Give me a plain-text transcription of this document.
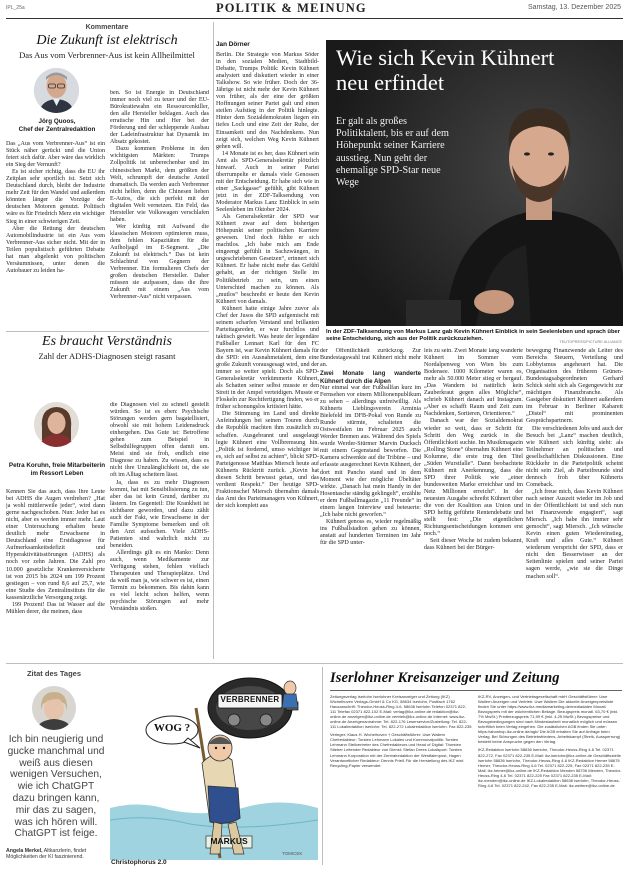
IPL_25a	POLITIK & MEINUNG	Samstag, 13. Dezember 2025
Kommentare
Die Zukunft ist elektrisch
Das Aus vom Verbrenner-Aus ist kein Allheilmittel
Jörg Quoos,
Chef der Zentralredaktion

Das „Aus vom Verbrenner-Aus“ ist ein Stück näher gerückt und die Union feiert sich dafür. Aber wäre das wirklich ein Sieg der Vernunft?

Es ist sicher richtig, dass die EU ihr Zeitplan sehr sportlich ist. Setzt sich Deutschland durch, bleibt der Industrie mehr Zeit für den Wandel und außerdem könnten länger die Vorzüge der deutschen Motoren genutzt. Politisch wäre es für Friedrich Merz ein wichtiger Sieg in einer schwierigen Zeit.

Aber die Rettung der deutschen Automobilindustrie ist ein Aus vom Verbrenner-Aus sicher nicht. Mit der in Teilen populistisch geführten Debatte hat man abgelenkt von politischen Versäumnissen, unter denen die Autobauer zu leiden ha-

ben. So ist Energie in Deutschland immer noch viel zu teuer und der EU-Bürokratiewahn ein Ressourcenkiller, den alle Hersteller beklagen. Auch das erratische Hin und Her bei der Förderung und der schleppende Ausbau der Ladeinfrastruktur hat Dynamik im Absatz gekostet.

Dazu kommen Probleme in den wichtigsten Märkten: Trumps Zollpolitik ist unberechenbar und im chinesischen Markt, dem größten der Welt, schrumpft der deutsche Anteil dramatisch. Da werden auch Verbrenner nicht helfen, denn die Chinesen lieben E-Autos, die sich perfekt mit der digitalen Welt vernetzen. Ein Feld, das Hersteller wie Volkswagen verschlafen haben.

Wer künftig mit Aufwand die klassischen Motoren optimieren muss, dem fehlen Kapazitäten für die Aufholjagd im E-Segment. „Die Zukunft ist elektrisch.“ Das ist kein Schlachtruf von Gegnern der Verbrenner. Ein formulieren Chefs der großen deutschen Hersteller. Daher müssen sie aufpassen, dass die ihre Zukunft mit einem „Aus vom Verbrenner-Aus“ nicht verpassen.

Es braucht Verständnis
Zahl der ADHS-Diagnosen steigt rasant
Petra Koruhn, freie Mitarbeiterin
im Ressort Leben

Kennen Sie das auch, dass Ihre Leute bei ADHS die Augen verdrehen? „Hat ja wohl mittlerweile jeder“, wird dann gerne nachgeschoben. Nun: Jeder hat es nicht, aber es werden immer mehr. Laut einer Untersuchung erhalten heute deutlich mehr Erwachsene in Deutschland eine Erstdiagnose für Aufmerksamkeitsdefizit und Hyperaktivitätsstörungen (ADHS) als noch vor zehn Jahren. Die Zahl pro 10.000 gesetzliche Krankenversicherte ist von 2015 bis 2024 um 199 Prozent gestiegen – von rund 8,6 auf 25,7, wie eine Studie des Zentralinstituts für die kassenärztliche Versorgung zeigt.

199 Prozent! Das ist Wasser auf die Mühlen derer, die meinen, dass

die Diagnosen viel zu schnell gestellt würden. So ist es eben: Psychische Störungen werden gern bagatellisiert, obwohl sie mit hohem Leidensdruck einhergehen. Das Gute ist: Betroffene gehen zum Beispiel in Selbsthilfegruppen offen damit um. Meist sind sie froh, endlich eine Diagnose zu haben. Zu wissen, dass es nicht ihre Unzulänglichkeit ist, die sie oft im Alltag scheitern lässt.

Ja, dass es zu mehr Diagnosen kommt, hat mit Sensibilisierung zu tun, aber das ist kein Grund, darüber zu lästern. Im Gegenteil: Die Krankheit ist sichtbarer geworden, und dazu zählt auch der Fakt, wie Erwachsene in der Familie Symptome bemerken und oft den Arzt aufsuchen. Viele ADHS-Patienten sind wahrlich nicht zu beneiden.

Allerdings gilt es ein Manko: Denn auch, wenn Medikamente zur Verfügung stehen, fehlen vielfach Therapeuten und Therapieplätze. Und da weiß man ja, wie schwer es ist, einen Termin zu bekommen. Bis dahin kann es viel leicht schon helfen, wenn psychische Störungen auf mehr Verständnis stoßen.

Zitat des Tages
Ich bin neugierig und gucke manchmal und weiß aus diesen wenigen Versuchen, wie ich ChatGPT dazu bringen kann, mir das zu sagen, was ich hören will. ChatGPT ist feige.
Angela Merkel, Altkanzlerin, findet Möglichkeiten der KI faszinierend.
WOG ?
VERBRENNER
MARKUS
TOMICEK
Christophorus 2.0
Jan Dörner

Berlin. Die Strategie von Markus Söder in den sozialen Medien, Stadtbild-Debatte, Trumps Politik: Kevin Kühnert analysiert und diskutiert wieder in einer Talkshow. So wie früher. Doch der 36-Jährige ist nicht mehr der Kevin Kühnert von früher, als der eine der größten Hoffnungen seiner Partei galt und einen steilen Aufstieg in der Politik hinlegte. Hinter dem Sozialdemokraten liegen ein tiefes Loch und eine Zeit der Ruhe, der Einsamkeit und des Nachdenkens. Nun zeigt sich, welchen Weg Kevin Kühnert gehen will.

14 Monate ist es her, dass Kühnert sein Amt als SPD-Generalsekretär plötzlich hinwarf. Auch in seiner Partei überrumpelte er damals viele Genossen mit der Entscheidung. Er habe sich wie in einer „Sackgasse“ gefühlt, gibt Kühnert jetzt in der ZDF-Talksendung von Moderator Markus Lanz Einblick in sein Seelenleben im Oktober 2024.

Als Generalsekretär der SPD war Kühnert zwar auf dem bisherigen Höhepunkt seiner politischen Karriere gewesen. Und doch fühlte er sich machtlos. „Ich habe mich am Ende eingeengt gefühlt in Sachzwängen, in ungeschriebenen Gesetzen“, erinnert sich Kühnert. Er habe nicht mehr das Gefühl gehabt, an der richtigen Stelle im Politikbetrieb zu sein, um einen Unterschied machen zu können. Als „mutlos“ beschreibt er heute den Kevin Kühnert von damals.

Kühnert hatte einige Jahre zuvor als Chef der Jusos die SPD aufgemischt mit seinem scharfen Verstand und brillanten Parteitagsreden, er war furchtlos und taktisch gewieft. Was heute der legendäre Fußballer Lennart Karl für den FC Bayern ist, war Kevin Kühnert damals für die SPD: ein Ausnahmetalent, dem eine große Zukunft vorausgesagt wird, und der immer so weiter spielt. Doch als SPD-Generalsekretär verkümmerte Kühnert, als Schatten seiner selbst musste er den Streit in der Ampel verteidigen. Musste er Floskeln zur Rechtfertigung finden, wo er früher schonungslos kritisiert hätte.

Die Stimmung im Land und direkte Anfeindungen bei seinen Touren durch die Republik machten ihm zusätzlich zu schaffen. Ausgebrannt und ausgelaugt legte Kühnert eine Vollbremsung hin. „Politik ist fordernd, umso wichtiger ist es, sich auf selbst zu achten“, blickt SPD-Parteigenosse Matthias Miersch heute auf Kühnerts Rücktritt zurück. „Kevin hat diesen Schritt bewusst getan, und das verdient Respekt.“ Der heutige SPD-Fraktionschef Miersch übernahm damals das Amt des Parteimanagers von Kühnert, der sich komplett aus

Wie sich Kevin Kühnert neu erfindet
Er galt als großes Politiktalent, bis er auf dem Höhepunkt seiner Karriere ausstieg. Nun geht der ehemalige SPD-Star neue Wege
In der ZDF-Talksendung von Markus Lanz gab Kevin Kühnert Einblick in sein Seelenleben und sprach über seine Entscheidung, sich aus der Politik zurückzuziehen.	TEUTOPRESS/PICTURE ALLIANCE

der Öffentlichkeit zurückzog. Zur Bundestagswahl trat Kühnert nicht mehr an.

Zwei Monate lang wanderte Kühnert durch die Alpen

Nur einmal war der Fußballfan kurz im Fernsehen vor einem Millionenpublikum zu sehen – allerdings unfreiwillig. Als Kühnerts Lieblingsverein Arminia Bielefeld im DFB-Pokal von Runde zu Runde stürmte, schalteten die Ostwestfalen im Februar 2025 auch Werder Bremen aus. Während des Spiels wurde Werder-Stürmer Marvin Ducksch mit einem Gegenstand beworfen. Die Kamera schwenkte auf die Tribüne – und erfasste ausgerechnet Kevin Kühnert, der dort mit Pancho stand und in dem Moment wie der mögliche Übeltäter wirkte. „Danach hat mein Handy in der Hosentasche ständig geklingelt“, erzählte er dem Fußballmagazin „11 Freunde“ in einem langen Interview und beteuerte: „Ich habe nicht geworfen.“

Kühnert genoss es, wieder regelmäßig ins Fußballstadion gehen zu können, anstatt auf hunderten Terminen im Jahr für die SPD unter-

leis zu sein. Zwei Monate lang wanderte Kühnert im Sommer vom Nordalpenweg von Wien bis zum Bodensee. 1000 Kilometer waren es, mehr als 50.000 Meter stieg er bergauf. „Das Wandern ist natürlich kein Zauberkraut gegen alles Mögliche“, schrieb Kühnert danach auf Instagram. „Aber es schafft Raum und Zeit zum Nachdenken, Sortieren, Orientieren.“

Danach war der Sozialdemokrat wieder so weit, dass er Schritt für Schritt den Weg zurück in die Öffentlichkeit suchte. Im Musikmagazin „Rolling Stone“ übernahm Kühnert eine Kolumne, die erste trug den Titel „Süden Wurstfalle“. Dann beobachtete Kühnert mit Anerkennung, dass die SPD ihrer Politik wie „einer bundesweiten Marke erreichbar und im Netz Millionen erreicht“. In der neuesten Ausgabe schreibt Kühnert über die von der Koalition aus Union und SPD heftig geführte Rentendebatte und stellt fest: „Die eigentlichen Richtungsentscheidungen kommen erst noch.“

Seit dieser Woche ist zudem bekannt, dass Kühnert bei der Bürger-

bewegung Finanzwende als Leiter des Bereichs Steuern, Verteilung und Lobbyismus angeheuert hat. Die Organisation des früheren Grünen-Bundestagsabgeordneten Gerhard Schick sieht sich als Gegengewicht zur mächtigen Finanzbranche. Als Gastgeber diskutiert Kühnert außerdem im Februar in Berliner Kabarett „Distel“ mit prominenten Gesprächspartnern.

Die verschiedenen Jobs und auch der Besuch bei „Lanz“ machen deutlich, wie Kühnert sich künftig sieht: als Teilnehmer an politischen und gesellschaftlichen Diskussionen. Eine Rückkehr in die Parteipolitik scheint nicht sein Ziel, ab Parteifreunde sind dennoch froh über Kühnerts Comeback.

„Ich freue mich, dass Kevin Kühnert nach seiner Auszeit wieder im Job und in der Öffentlichkeit ist und sich nun bei Finanzwende engagiert“, sagt Miersch. „Ich habe ihn immer sehr gemocht“, sagt Miersch. „Ich wünsche Kevin einen guten Wiedereinstieg, Kraft und alles Gute.“ Kühnert wiederum verspricht der SPD, dass er nicht den Besserwisser an der Seitenlinie spielen und seiner Partei sagen werde, „wie sie die Dinge machen soll“.

Iserlohner Kreisanzeiger und Zeitung
Zeitungsverlag Iserlohn Iserlohner Kreisanzeiger und Zeitung (IKZ) Wichelhoven Verlags-GmbH & Co KG, 58634 Iserlohn, Postfach 1762 Hausanschrift: Theodor-Heuss-Ring 4-6, 58636 Iserlohn Telefon 02371 822-111 Telefax 02371 822-102 E-Mail: verlag@ikz-online.de redaktion@ikz-online.de anzeigen@ikz-online.de vertrieb@ikz-online.de Internet: www.ikz-online.de Anzeigenannahme: Tel. 822-176 Leserservice/Zustellung: Tel. 822-111 Lokalredaktion Iserlohn: Tel. 822-272 Lokalredaktion Iserlohn: Fax 822-235
Verleger: Klaus H. Wichelhoven † Geschäftsführer: Uwe Wallern Chefredakteur: Torsten Lehmann Lokales und Kommunalpolitik: Torsten Lehmann Stellvertreter des Chefredakteurs und Head of Digital: Thorsten Stieber Leitender Redakteur von Dienst: Stefan Drees Lokalsport: Torsten Lehmann Korporation mit der Zentralredaktion der Westfalenpost, Hagen Verantwortlicher Redakteur: Dennis Prieß Für die Herstellung des IKZ wird Recycling-Papier verwendet.
IKZ-RV, Anzeigen- und Vertriebsgesellschaft mbH Geschäftsführer: Uwe Wallern Anzeigen und Vertrieb: Uwe Wallern Die aktuelle Anzeigenpreisliste finden Sie unter https://www.ikz-mediamarketing.de/mediadaten Monatl. Bezugspreis mit der wöchentlichen Beilage. Bezugspreis monatl. 63,70 € (inkl. 7% MwSt.) Printbezugspreis 71,99 € (inkl. 4,25 MwSt.) Bezugspreise und Bezugsbedingungen sind nach Mindestaufzeit monatlich möglich und müssen schriftlich beim Verlag eingehen. Die zusätzlichen AGB finden Sie unter: https://aboshop.ikz-online.de/agb/ Die AGB erhalten Sie auf Anfrage beim Verlag. Bei Störungen des Betriebsfriedens, Arbeitskampf (Streik, Aussperrung) besteht keine Anspruche gegen den Verlag.
IKZ-Redaktion Iserlohn 58636 Iserlohn, Theodor-Heuss-Ring 4-6 Tel. 02371 822-272, Fax 02371 822-235 E-Mail: ikz.iserlohn@ikz-online.de Geschäftsstelle Iserlohn 58636 Iserlohn, Theodor-Heuss-Ring 4-6 IKZ-Redaktion Hemer 58675 Hemer, Theodor-Heuss-Ring 4-6 Tel. 02371 822-225, Fax 02371 822-235 E-Mail: ikz.hemer@ikz-online.de IKZ-Redaktion Menden 58706 Menden, Theodor-Heuss-Ring 4-6 Tel. 02371 822-225 Fax 02371 822-235 E-Mail: ikz.menden@ikz-online.de IKZ-Lokalredaktion 58636 Iserlohn, Theodor-Heuss-Ring 4-6 Tel. 02371 822-242, Fax 822-235 E-Mail: ikz.weitere@ikz-online.de
